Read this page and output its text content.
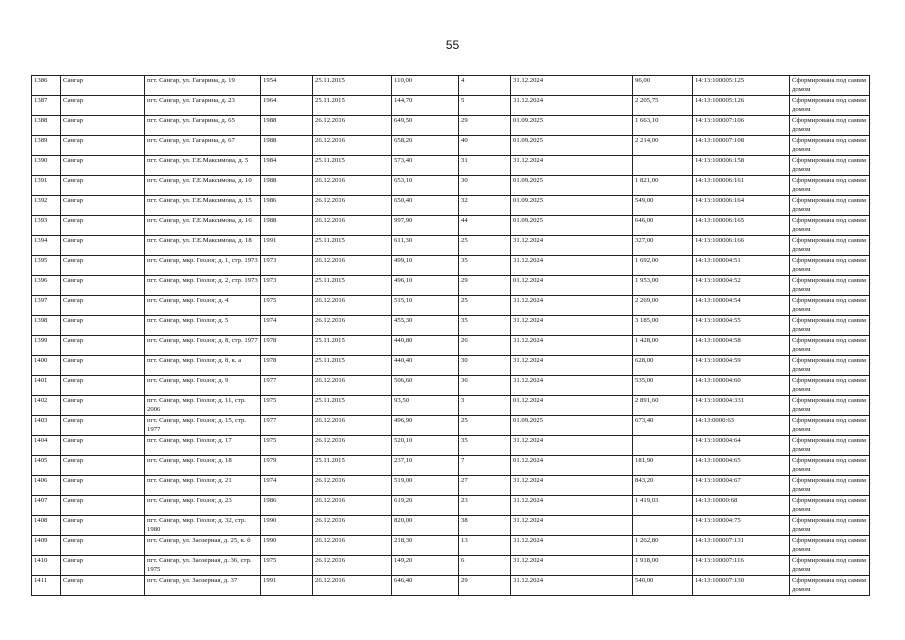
55
1386	Сангар	пгт. Сангар, ул. Гагарина, д. 19	1954	25.11.2015	110,00	4	31.12.2024	96,00	14:13:100005:125	Сформирована под самим домом
1387	Сангар	пгт. Сангар, ул. Гагарина, д. 23	1964	25.11.2015	144,70	5	31.12.2024	2 205,75	14:13:100005:126	Сформирована под самим домом
1388	Сангар	пгт. Сангар, ул. Гагарина, д. 65	1988	26.12.2016	649,50	29	01.09.2025	1 663,10	14:13:100007:106	Сформирована под самим домом
1389	Сангар	пгт. Сангар, ул. Гагарина, д. 67	1988	26.12.2016	658,20	40	01.09.2025	2 214,00	14:13:100007:108	Сформирована под самим домом
1390	Сангар	пгт. Сангар, ул. Г.Е.Максимова, д. 5	1984	25.11.2015	573,40	31	31.12.2024		14:13:100006:158	Сформирована под самим домом
1391	Сангар	пгт. Сангар, ул. Г.Е.Максимова, д. 10	1988	26.12.2016	653,10	30	01.09.2025	1 821,00	14:13:100006:161	Сформирована под самим домом
1392	Сангар	пгт. Сангар, ул. Г.Е.Максимова, д. 15	1986	26.12.2016	650,40	32	01.09.2025	549,00	14:13:100006:164	Сформирована под самим домом
1393	Сангар	пгт. Сангар, ул. Г.Е.Максимова, д. 16	1988	26.12.2016	997,90	44	01.09.2025	646,00	14:13:100006:165	Сформирована под самим домом
1394	Сангар	пгт. Сангар, ул. Г.Е.Максимова, д. 18	1991	25.11.2015	611,30	25	31.12.2024	327,00	14:13:100006:166	Сформирована под самим домом
1395	Сангар	пгт. Сангар, мкр. Геолог, д. 1, стр. 1973	1973	26.12.2016	499,10	35	31.12.2024	1 692,00	14:13:100004:51	Сформирована под самим домом
1396	Сангар	пгт. Сангар, мкр. Геолог, д. 2, стр. 1973	1973	25.11.2015	496,10	29	01.12.2024	1 953,00	14:13:100004:52	Сформирована под самим домом
1397	Сангар	пгт. Сангар, мкр. Геолог, д. 4	1975	26.12.2016	515,10	25	31.12.2024	2 269,00	14:13:100004:54	Сформирована под самим домом
1398	Сангар	пгт. Сангар, мкр. Геолог, д. 5	1974	26.12.2016	455,30	35	31.12.2024	3 185,00	14:13:100004:55	Сформирована под самим домом
1399	Сангар	пгт. Сангар, мкр. Геолог, д. 8, стр. 1977	1978	25.11.2015	440,80	26	31.12.2024	1 428,00	14:13:100004:58	Сформирована под самим домом
1400	Сангар	пгт. Сангар, мкр. Геолог, д. 8, к. а	1978	25.11.2015	440,40	30	31.12.2024	628,00	14:13:100004:59	Сформирована под самим домом
1401	Сангар	пгт. Сангар, мкр. Геолог, д. 9	1977	26.12.2016	506,60	36	31.12.2024	535,00	14:13:100004:60	Сформирована под самим домом
1402	Сангар	пгт. Сангар, мкр. Геолог, д. 11, стр. 2006	1975	25.11.2015	93,50	3	01.12.2024	2 891,60	14:13:100004:331	Сформирована под самим домом
1403	Сангар	пгт. Сангар, мкр. Геолог, д. 15, стр. 1977	1977	26.12.2016	496,90	25	01.09.2025	673,40	14:13:0000:63	Сформирована под самим домом
1404	Сангар	пгт. Сангар, мкр. Геолог, д. 17	1975	26.12.2016	520,10	35	31.12.2024		14:13:100004:64	Сформирована под самим домом
1405	Сангар	пгт. Сангар, мкр. Геолог, д. 18	1979	25.11.2015	237,10	7	01.12.2024	181,90	14:13:100004:65	Сформирована под самим домом
1406	Сангар	пгт. Сангар, мкр. Геолог, д. 21	1974	26.12.2016	519,00	27	31.12.2024	843,20	14:13:100004:67	Сформирована под самим домом
1407	Сангар	пгт. Сангар, мкр. Геолог, д. 23	1986	26.12.2016	619,20	23	31.12.2024	1 419,03	14:13:10000:68	Сформирована под самим домом
1408	Сангар	пгт. Сангар, мкр. Геолог, д. 32, стр. 1980	1990	26.12.2016	820,00	38	31.12.2024		14:13:100004:75	Сформирована под самим домом
1409	Сангар	пгт. Сангар, ул. Заозерная, д. 25, к. б	1990	26.12.2016	218,30	13	31.12.2024	1 262,80	14:13:100007:131	Сформирована под самим домом
1410	Сангар	пгт. Сангар, ул. Заозерная, д. 36, стр. 1975	1975	26.12.2016	149,20	6	31.12.2024	1 918,00	14:13:100007:116	Сформирована под самим домом
1411	Сангар	пгт. Сангар, ул. Заозерная, д. 37	1991	26.12.2016	646,40	29	31.12.2024	540,00	14:13:100007:130	Сформирована под самим домом
